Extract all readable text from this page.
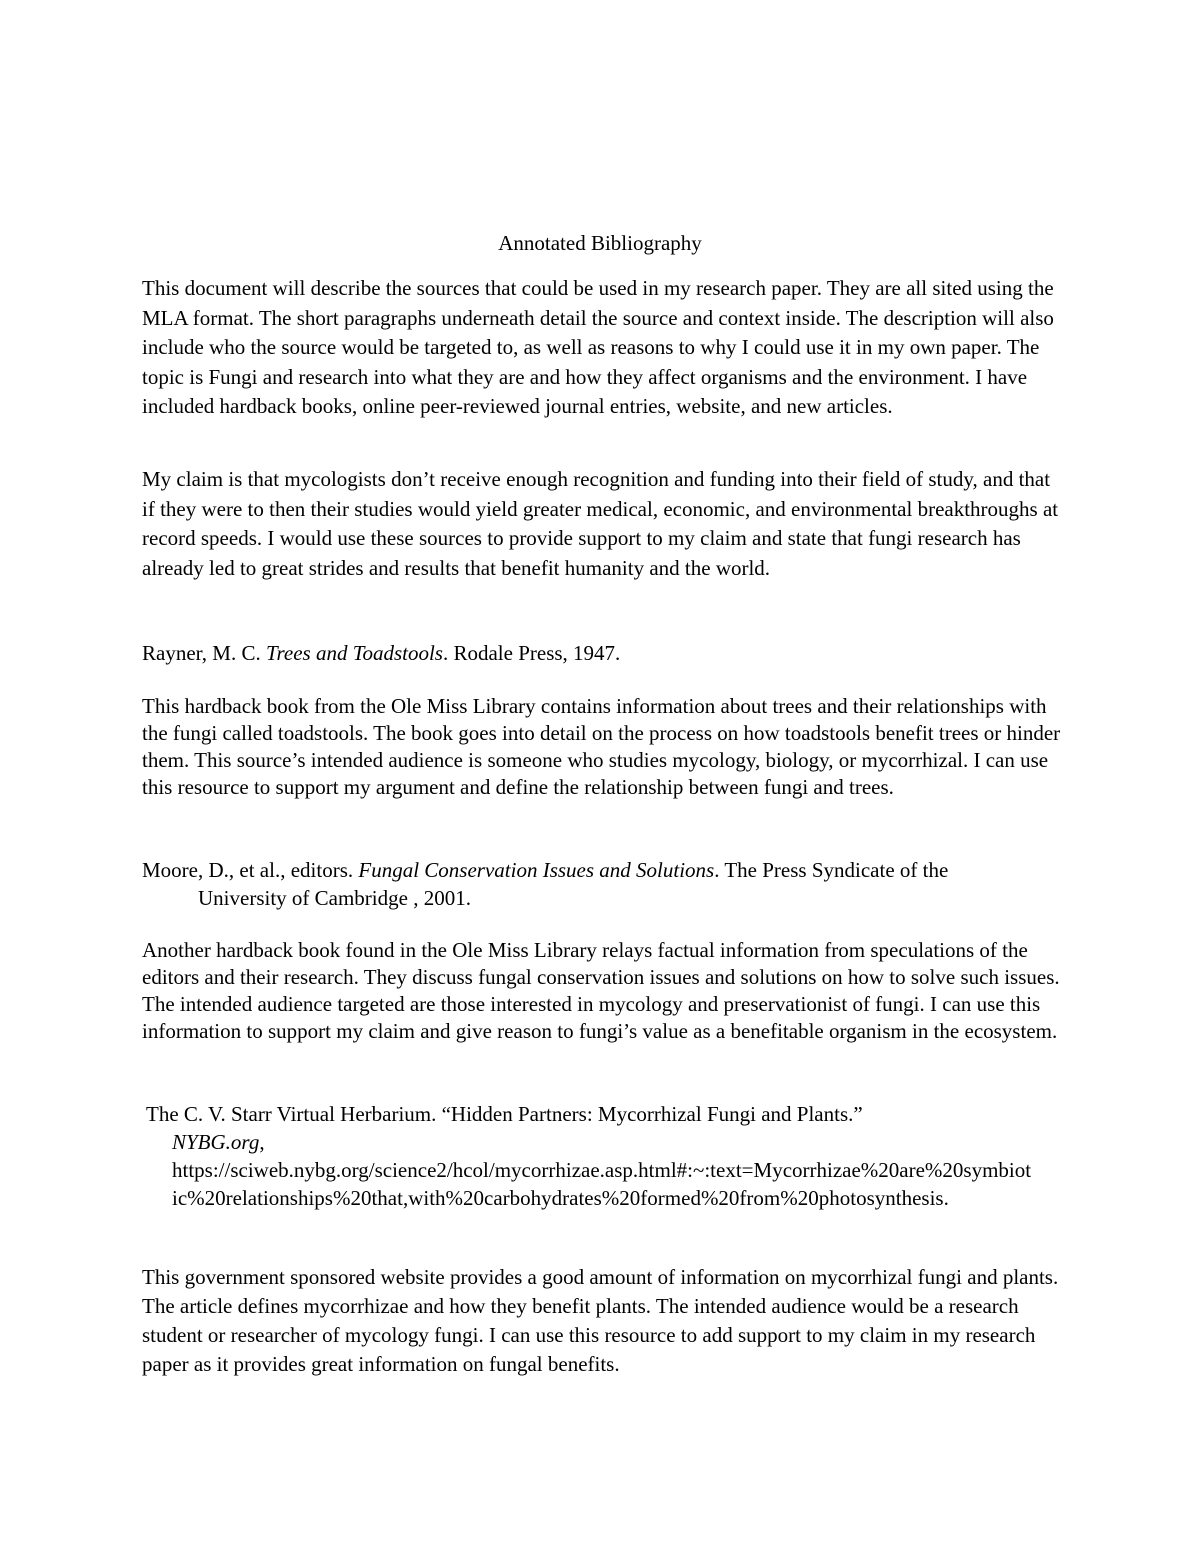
Annotated Bibliography

This document will describe the sources that could be used in my research paper. They are all sited using the MLA format. The short paragraphs underneath detail the source and context inside. The description will also include who the source would be targeted to, as well as reasons to why I could use it in my own paper. The topic is Fungi and research into what they are and how they affect organisms and the environment. I have included hardback books, online peer-reviewed journal entries, website, and new articles.

My claim is that mycologists don’t receive enough recognition and funding into their field of study, and that if they were to then their studies would yield greater medical, economic, and environmental breakthroughs at record speeds. I would use these sources to provide support to my claim and state that fungi research has already led to great strides and results that benefit humanity and the world.

Rayner, M. C. Trees and Toadstools. Rodale Press, 1947.

This hardback book from the Ole Miss Library contains information about trees and their relationships with the fungi called toadstools. The book goes into detail on the process on how toadstools benefit trees or hinder them. This source’s intended audience is someone who studies mycology, biology, or mycorrhizal. I can use this resource to support my argument and define the relationship between fungi and trees.

Moore, D., et al., editors. Fungal Conservation Issues and Solutions. The Press Syndicate of the
University of Cambridge , 2001.

Another hardback book found in the Ole Miss Library relays factual information from speculations of the editors and their research. They discuss fungal conservation issues and solutions on how to solve such issues. The intended audience targeted are those interested in mycology and preservationist of fungi. I can use this information to support my claim and give reason to fungi’s value as a benefitable organism in the ecosystem.

The C. V. Starr Virtual Herbarium. “Hidden Partners: Mycorrhizal Fungi and Plants.”
NYBG.org,

https://sciweb.nybg.org/science2/hcol/mycorrhizae.asp.html#:~:text=Mycorrhizae%20are%20symbiotic%20relationships%20that,with%20carbohydrates%20formed%20from%20photosynthesis.

This government sponsored website provides a good amount of information on mycorrhizal fungi and plants. The article defines mycorrhizae and how they benefit plants. The intended audience would be a research student or researcher of mycology fungi. I can use this resource to add support to my claim in my research paper as it provides great information on fungal benefits.
